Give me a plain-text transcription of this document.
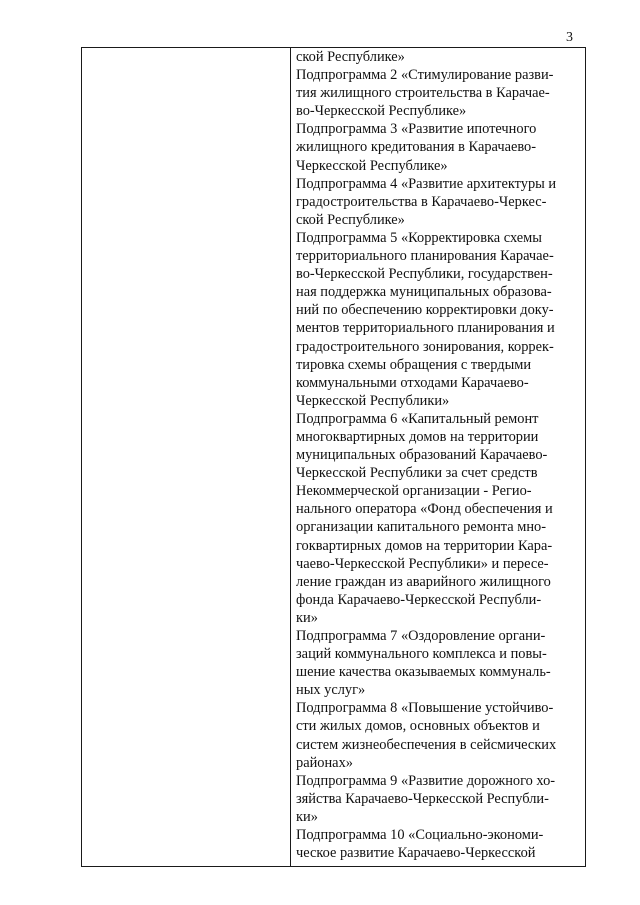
3

ской Республике»

Подпрограмма 2 «Стимулирование разви-
тия жилищного строительства в Карачае-
во-Черкесской Республике»

Подпрограмма 3 «Развитие ипотечного
жилищного кредитования в Карачаево-
Черкесской Республике»

Подпрограмма 4 «Развитие архитектуры и
градостроительства в Карачаево-Черкес-
ской Республике»

Подпрограмма 5 «Корректировка схемы
территориального планирования Карачае-
во-Черкесской Республики, государствен-
ная поддержка муниципальных образова-
ний по обеспечению корректировки доку-
ментов территориального планирования и
градостроительного зонирования, коррек-
тировка схемы обращения с твердыми
коммунальными отходами Карачаево-
Черкесской Республики»

Подпрограмма 6 «Капитальный ремонт
многоквартирных домов на территории
муниципальных образований Карачаево-
Черкесской Республики за счет средств
Некоммерческой организации - Регио-
нального оператора «Фонд обеспечения и
организации капитального ремонта мно-
гоквартирных домов на территории Кара-
чаево-Черкесской Республики» и пересе-
ление граждан из аварийного жилищного
фонда Карачаево-Черкесской Республи-
ки»

Подпрограмма 7 «Оздоровление органи-
заций коммунального комплекса и повы-
шение качества оказываемых коммуналь-
ных услуг»

Подпрограмма 8 «Повышение устойчиво-
сти жилых домов, основных объектов и
систем жизнеобеспечения в сейсмических
районах»

Подпрограмма 9 «Развитие дорожного хо-
зяйства Карачаево-Черкесской Республи-
ки»

Подпрограмма 10 «Социально-экономи-
ческое развитие Карачаево-Черкесской
